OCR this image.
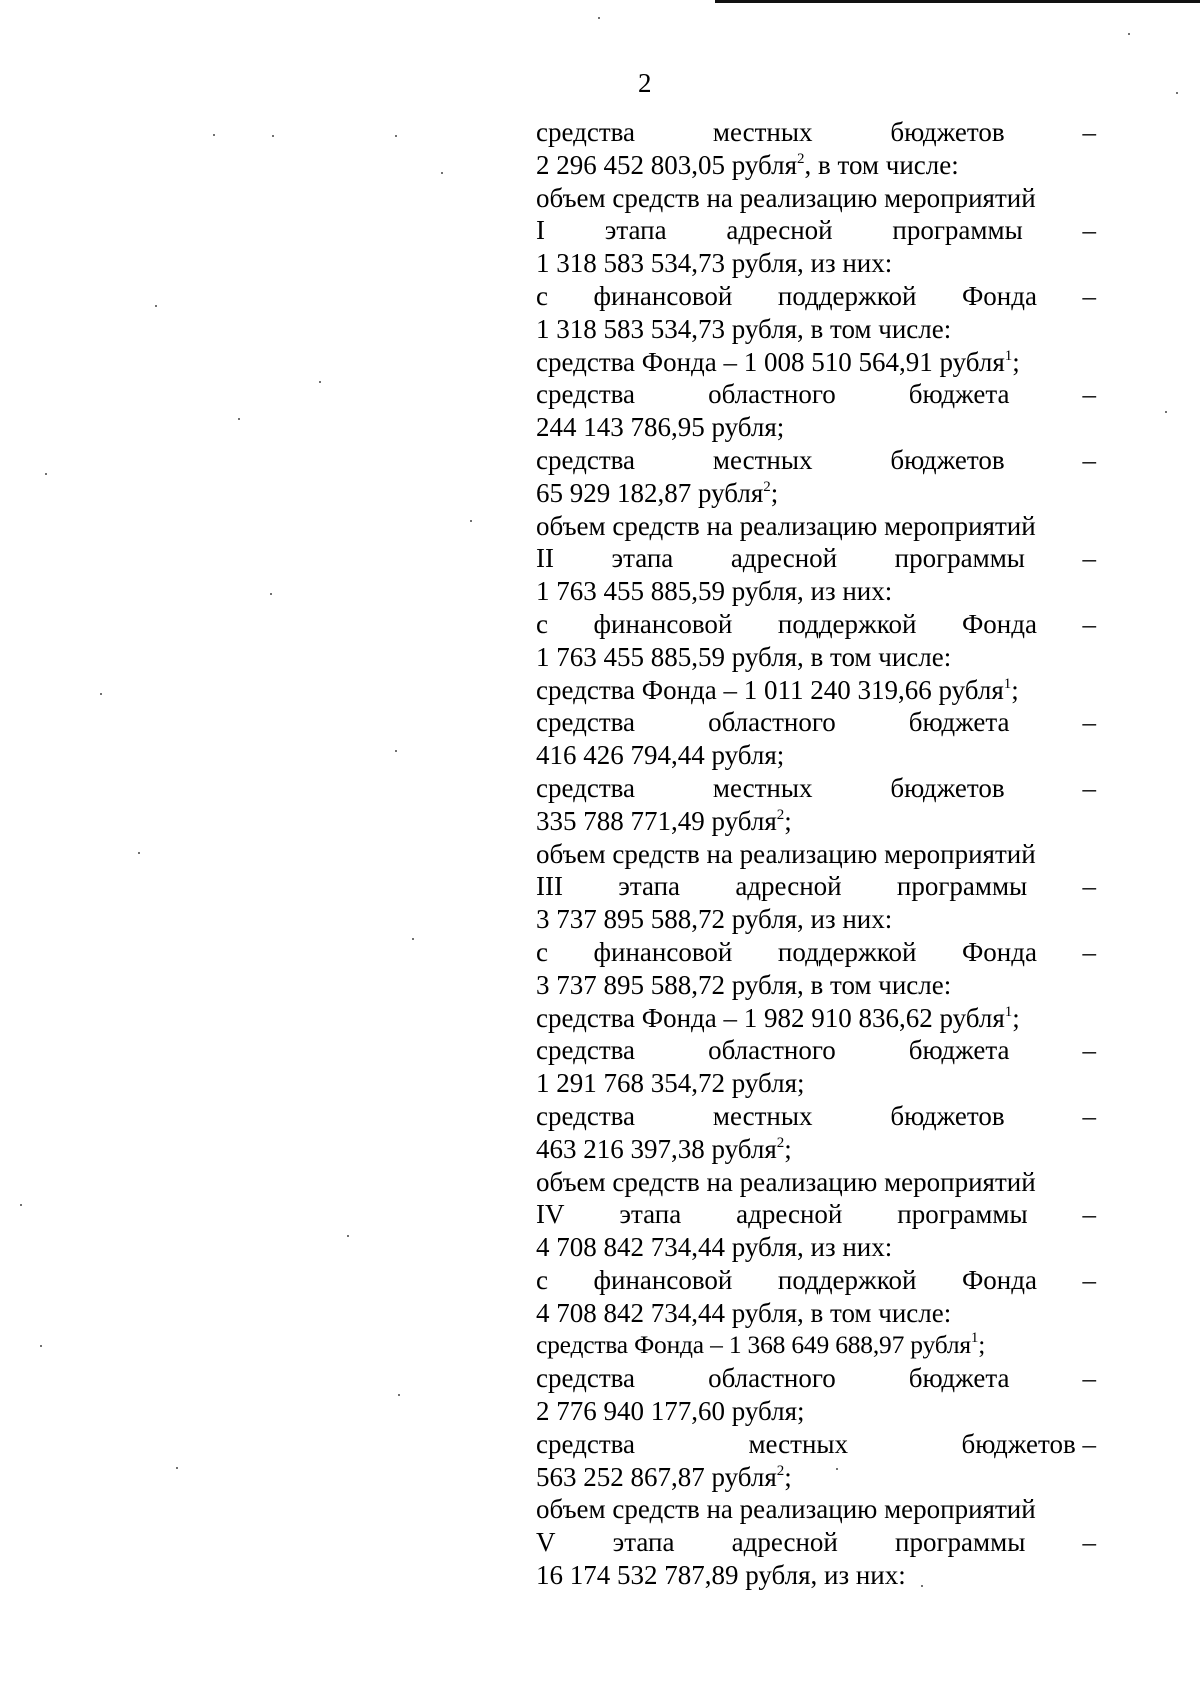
2
средства	местных	бюджетов	–
2 296 452 803,05 рубля$^2$, в том числе:
объем средств на реализацию мероприятий
I этапа адресной программы –
1 318 583 534,73 рубля, из них:
с финансовой поддержкой Фонда –
1 318 583 534,73 рубля, в том числе:
средства Фонда – 1 008 510 564,91 рубля$^1$;
средства	областного	бюджета	–
244 143 786,95 рубля;
средства	местных	бюджетов	–
65 929 182,87 рубля$^2$;
объем средств на реализацию мероприятий
II этапа адресной программы –
1 763 455 885,59 рубля, из них:
с финансовой поддержкой Фонда –
1 763 455 885,59 рубля, в том числе:
средства Фонда – 1 011 240 319,66 рубля$^1$;
средства	областного	бюджета	–
416 426 794,44 рубля;
средства	местных	бюджетов	–
335 788 771,49 рубля$^2$;
объем средств на реализацию мероприятий
III этапа адресной программы –
3 737 895 588,72 рубля, из них:
с финансовой поддержкой Фонда –
3 737 895 588,72 рубля, в том числе:
средства Фонда – 1 982 910 836,62 рубля$^1$;
средства	областного	бюджета	–
1 291 768 354,72 рубля;
средства	местных	бюджетов	–
463 216 397,38 рубля$^2$;
объем средств на реализацию мероприятий
IV этапа адресной программы –
4 708 842 734,44 рубля, из них:
с финансовой поддержкой Фонда –
4 708 842 734,44 рубля, в том числе:
средства Фонда – 1 368 649 688,97 рубля$^1$;
средства	областного	бюджета	–
2 776 940 177,60 рубля;
средства	местных	бюджетов –
563 252 867,87 рубля$^2$;
объем средств на реализацию мероприятий
V этапа адресной программы –
16 174 532 787,89 рубля, из них:
